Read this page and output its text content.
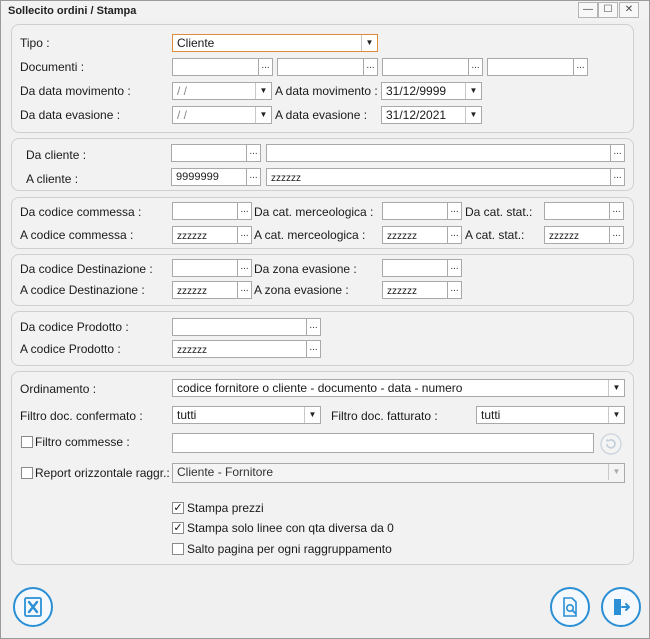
Sollecito ordini / Stampa	—	☐	✕
Tipo :	Cliente	▼
Documenti :	...	...	...	...
Da data movimento :	/ /	▼ A data movimento : 31/12/9999	▼
Da data evasione :	/ /	▼ A data evasione :	31/12/2021	▼
Da cliente :	...	...
A cliente :	9999999	...	zzzzzz	...
Da codice commessa :	... Da cat. merceologica :	... Da cat. stat.:	...
A codice commessa :	zzzzzz	... A cat. merceologica :	zzzzzz	... A cat. stat.:	zzzzzz	...
Da codice Destinazione :	... Da zona evasione :	...
A codice Destinazione :	zzzzzz	... A zona evasione :	zzzzzz	...
Da codice Prodotto :	...
A codice Prodotto :	zzzzzz	...
Ordinamento :	codice fornitore o cliente - documento - data - numero	▼
Filtro doc. confermato :	tutti	▼ Filtro doc. fatturato :	tutti	▼
Filtro commesse :
Report orizzontale raggr.: Cliente - Fornitore	▼
✓ Stampa prezzi
✓ Stampa solo linee con qta diversa da 0
Salto pagina per ogni raggruppamento
